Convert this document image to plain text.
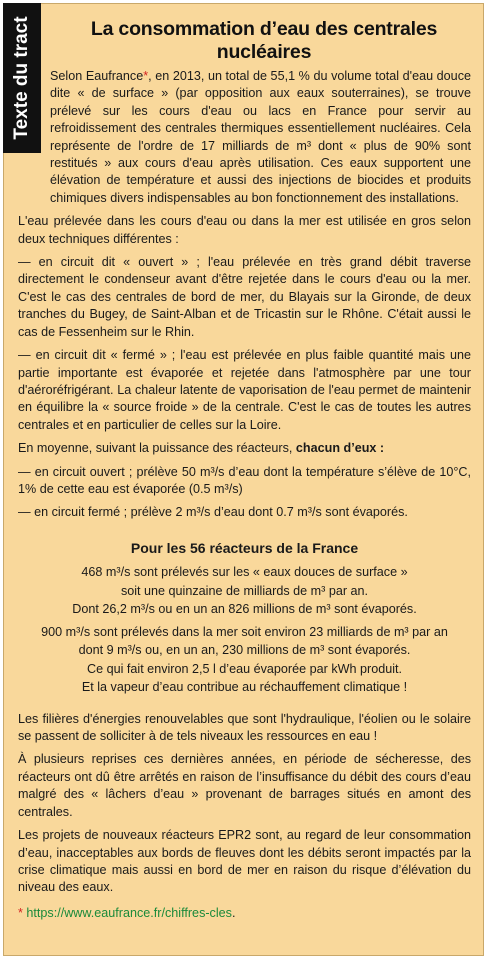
Texte du tract	La consommation d’eau des centrales nucléaires

Selon Eaufrance*, en 2013, un total de 55,1 % du volume total d'eau douce dite « de surface » (par opposition aux eaux souterraines), se trouve prélevé sur les cours d'eau ou lacs en France pour servir au refroidissement des centrales thermiques essentiellement nucléaires. Cela représente de l'ordre de 17 milliards de m³ dont « plus de 90% sont restitués » aux cours d'eau après utilisation. Ces eaux supportent une élévation de température et aussi des injections de biocides et produits chimiques divers indispensables au bon fonctionnement des installations.

L'eau prélevée dans les cours d'eau ou dans la mer est utilisée en gros selon deux techniques différentes :

— en circuit dit « ouvert » ; l'eau prélevée en très grand débit traverse directement le condenseur avant d'être rejetée dans le cours d'eau ou la mer. C'est le cas des centrales de bord de mer, du Blayais sur la Gironde, de deux tranches du Bugey, de Saint-Alban et de Tricastin sur le Rhône. C'était aussi le cas de Fessenheim sur le Rhin.

— en circuit dit « fermé » ; l'eau est prélevée en plus faible quantité mais une partie importante est évaporée et rejetée dans l'atmosphère par une tour d'aéroréfrigérant. La chaleur latente de vaporisation de l'eau permet de maintenir en équilibre la « source froide » de la centrale. C'est le cas de toutes les autres centrales et en particulier de celles sur la Loire.

En moyenne, suivant la puissance des réacteurs, chacun d’eux :

— en circuit ouvert ; prélève 50 m³/s d’eau dont la température s’élève de 10°C, 1% de cette eau est évaporée (0.5 m³/s)

— en circuit fermé ; prélève 2 m³/s d’eau dont 0.7 m³/s sont évaporés.

Pour les 56 réacteurs de la France
468 m³/s sont prélevés sur les « eaux douces de surface »
soit une quinzaine de milliards de m³ par an.
Dont 26,2 m³/s ou en un an 826 millions de m³ sont évaporés.
900 m³/s sont prélevés dans la mer soit environ 23 milliards de m³ par an
dont 9 m³/s ou, en un an, 230 millions de m³ sont évaporés.
Ce qui fait environ 2,5 l d’eau évaporée par kWh produit.
Et la vapeur d’eau contribue au réchauffement climatique !

Les filières d'énergies renouvelables que sont l'hydraulique, l'éolien ou le solaire se passent de solliciter à de tels niveaux les ressources en eau !

À plusieurs reprises ces dernières années, en période de sécheresse, des réacteurs ont dû être arrêtés en raison de l’insuffisance du débit des cours d’eau malgré des « lâchers d’eau » provenant de barrages situés en amont des centrales.

Les projets de nouveaux réacteurs EPR2 sont, au regard de leur consommation d’eau, inacceptables aux bords de fleuves dont les débits seront impactés par la crise climatique mais aussi en bord de mer en raison du risque d’élévation du niveau des eaux.

* https://www.eaufrance.fr/chiffres-cles.
